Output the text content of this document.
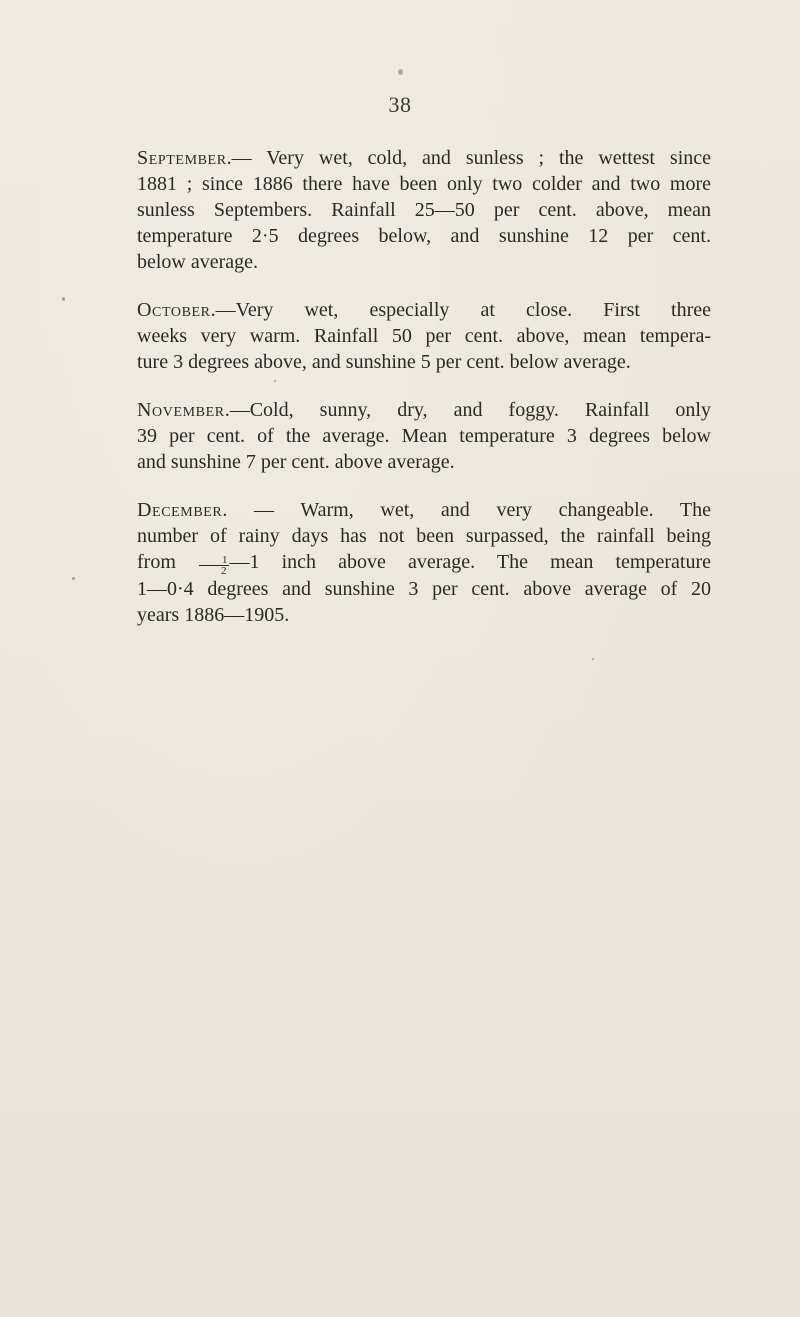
38

September.— Very wet, cold, and sunless ; the wettest since
1881 ; since 1886 there have been only two colder and two more
sunless Septembers. Rainfall 25—50 per cent. above, mean
temperature 2·5 degrees below, and sunshine 12 per cent.
below average.

October.—Very wet, especially at close. First three
weeks very warm. Rainfall 50 per cent. above, mean tempera-
ture 3 degrees above, and sunshine 5 per cent. below average.

November.—Cold, sunny, dry, and foggy. Rainfall only
39 per cent. of the average. Mean temperature 3 degrees below
and sunshine 7 per cent. above average.

December. — Warm, wet, and very changeable. The
number of rainy days has not been surpassed, the rainfall being
from $\frac{1}{2}$ —1 inch above average. The mean temperature
1—0·4 degrees and sunshine 3 per cent. above average of 20
years 1886—1905.
